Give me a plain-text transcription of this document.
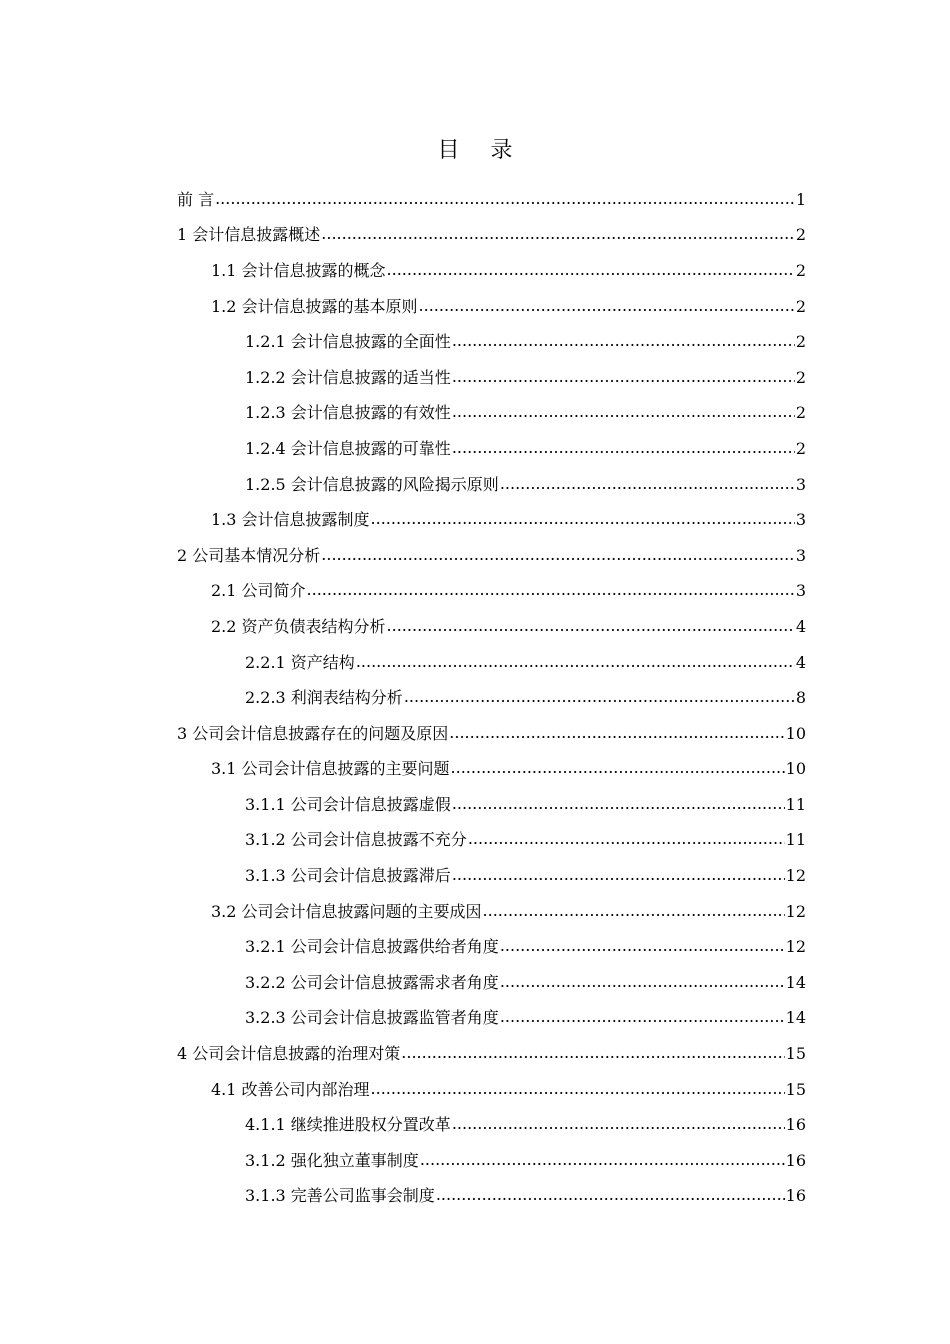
目 录
前 言 .....	1
1 会计信息披露概述 .....	2
1.1 会计信息披露的概念 .....	2
1.2 会计信息披露的基本原则 .....	2
1.2.1 会计信息披露的全面性 .....	2
1.2.2 会计信息披露的适当性 .....	2
1.2.3 会计信息披露的有效性 .....	2
1.2.4 会计信息披露的可靠性 .....	2
1.2.5 会计信息披露的风险揭示原则 .....	3
1.3 会计信息披露制度 .....	3
2 公司基本情况分析 .....	3
2.1 公司简介 .....	3
2.2 资产负债表结构分析 .....	4
2.2.1 资产结构 .....	4
2.2.3 利润表结构分析 .....	8
3 公司会计信息披露存在的问题及原因 .....	10
3.1 公司会计信息披露的主要问题 .....	10
3.1.1 公司会计信息披露虚假 .....	11
3.1.2 公司会计信息披露不充分 .....	11
3.1.3 公司会计信息披露滞后 .....	12
3.2 公司会计信息披露问题的主要成因 .....	12
3.2.1 公司会计信息披露供给者角度 .....	12
3.2.2 公司会计信息披露需求者角度 .....	14
3.2.3 公司会计信息披露监管者角度 .....	14
4 公司会计信息披露的治理对策 .....	15
4.1 改善公司内部治理 .....	15
4.1.1 继续推进股权分置改革 .....	16
3.1.2 强化独立董事制度 .....	16
3.1.3 完善公司监事会制度 .....	16
